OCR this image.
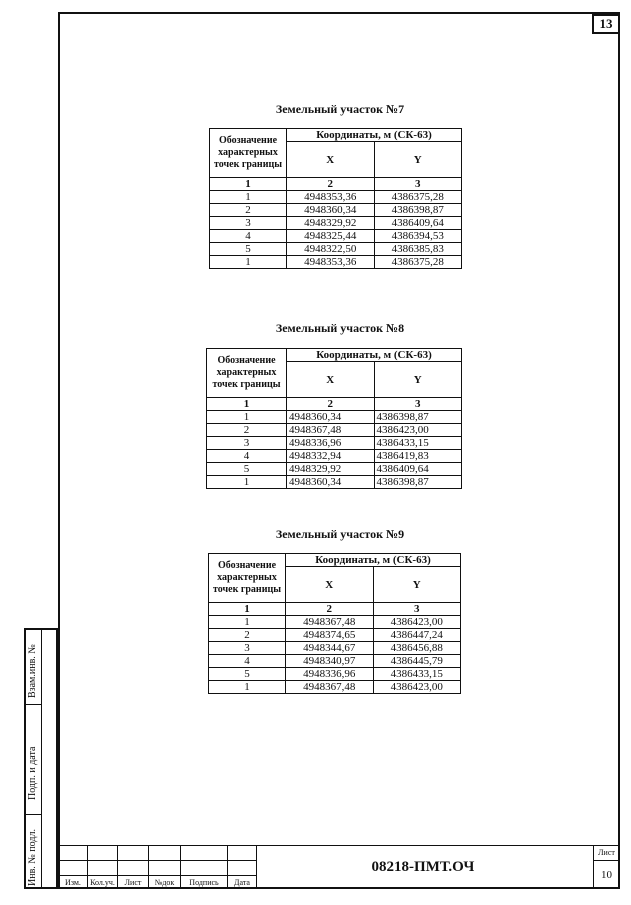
13
Земельный участок №7
Обозначение характерных точек границы	Координаты, м (СК-63)	
	X	Y
1	2	3
1	4948353,36	4386375,28
2	4948360,34	4386398,87
3	4948329,92	4386409,64
4	4948325,44	4386394,53
5	4948322,50	4386385,83
1	4948353,36	4386375,28
Земельный участок №8
Обозначение характерных точек границы	Координаты, м (СК-63)	
	X	Y
1	2	3
1	4948360,34	4386398,87
2	4948367,48	4386423,00
3	4948336,96	4386433,15
4	4948332,94	4386419,83
5	4948329,92	4386409,64
1	4948360,34	4386398,87
Земельный участок №9
Обозначение характерных точек границы	Координаты, м (СК-63)	
	X	Y
1	2	3
1	4948367,48	4386423,00
2	4948374,65	4386447,24
3	4948344,67	4386456,88
4	4948340,97	4386445,79
5	4948336,96	4386433,15
1	4948367,48	4386423,00
Взам.инв. №
Подп. и дата
Инв. № подл.	Изм.	Кол.уч.	Лист	№док	Подпись	Дата
08218-ПМТ.ОЧ
Лист
10
